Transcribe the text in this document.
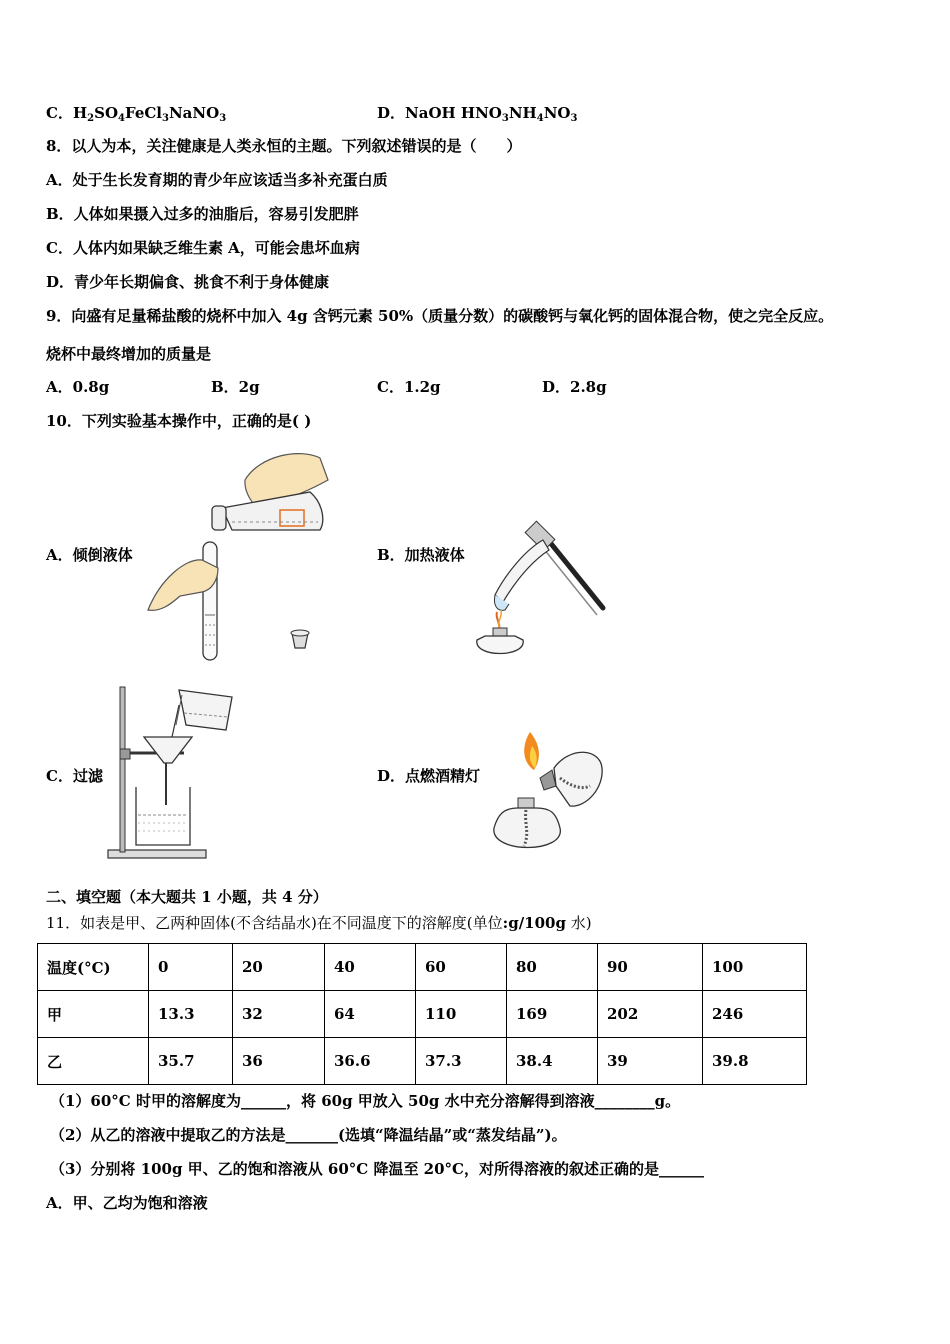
C．$H_2SO_4FeCl_3NaNO_3$	D．NaOH $HNO_3NH_4NO_3$
8．以人为本，关注健康是人类永恒的主题。下列叙述错误的是（　　）
A．处于生长发育期的青少年应该适当多补充蛋白质
B．人体如果摄入过多的油脂后，容易引发肥胖
C．人体内如果缺乏维生素 A，可能会患坏血病
D．青少年长期偏食、挑食不利于身体健康
9．向盛有足量稀盐酸的烧杯中加入 4g 含钙元素 50%（质量分数）的碳酸钙与氧化钙的固体混合物，使之完全反应。
烧杯中最终增加的质量是
A．0.8g	B．2g	C．1.2g	D．2.8g
10．下列实验基本操作中，正确的是( )
A．倾倒液体	B．加热液体
C．过滤	D．点燃酒精灯
二、填空题（本大题共 1 小题，共 4 分）
11．如表是甲、乙两种固体(不含结晶水)在不同温度下的溶解度(单位:g/100g 水)
温度(°C)	0	20	40	60	80	90	100
甲	13.3	32	64	110	169	202	246
乙	35.7	36	36.6	37.3	38.4	39	39.8
（1）60°C 时甲的溶解度为______，将 60g 甲放入 50g 水中充分溶解得到溶液________g。
（2）从乙的溶液中提取乙的方法是_______(选填“降温结晶”或“蒸发结晶”)。
（3）分别将 100g 甲、乙的饱和溶液从 60°C 降温至 20°C，对所得溶液的叙述正确的是______
A．甲、乙均为饱和溶液
